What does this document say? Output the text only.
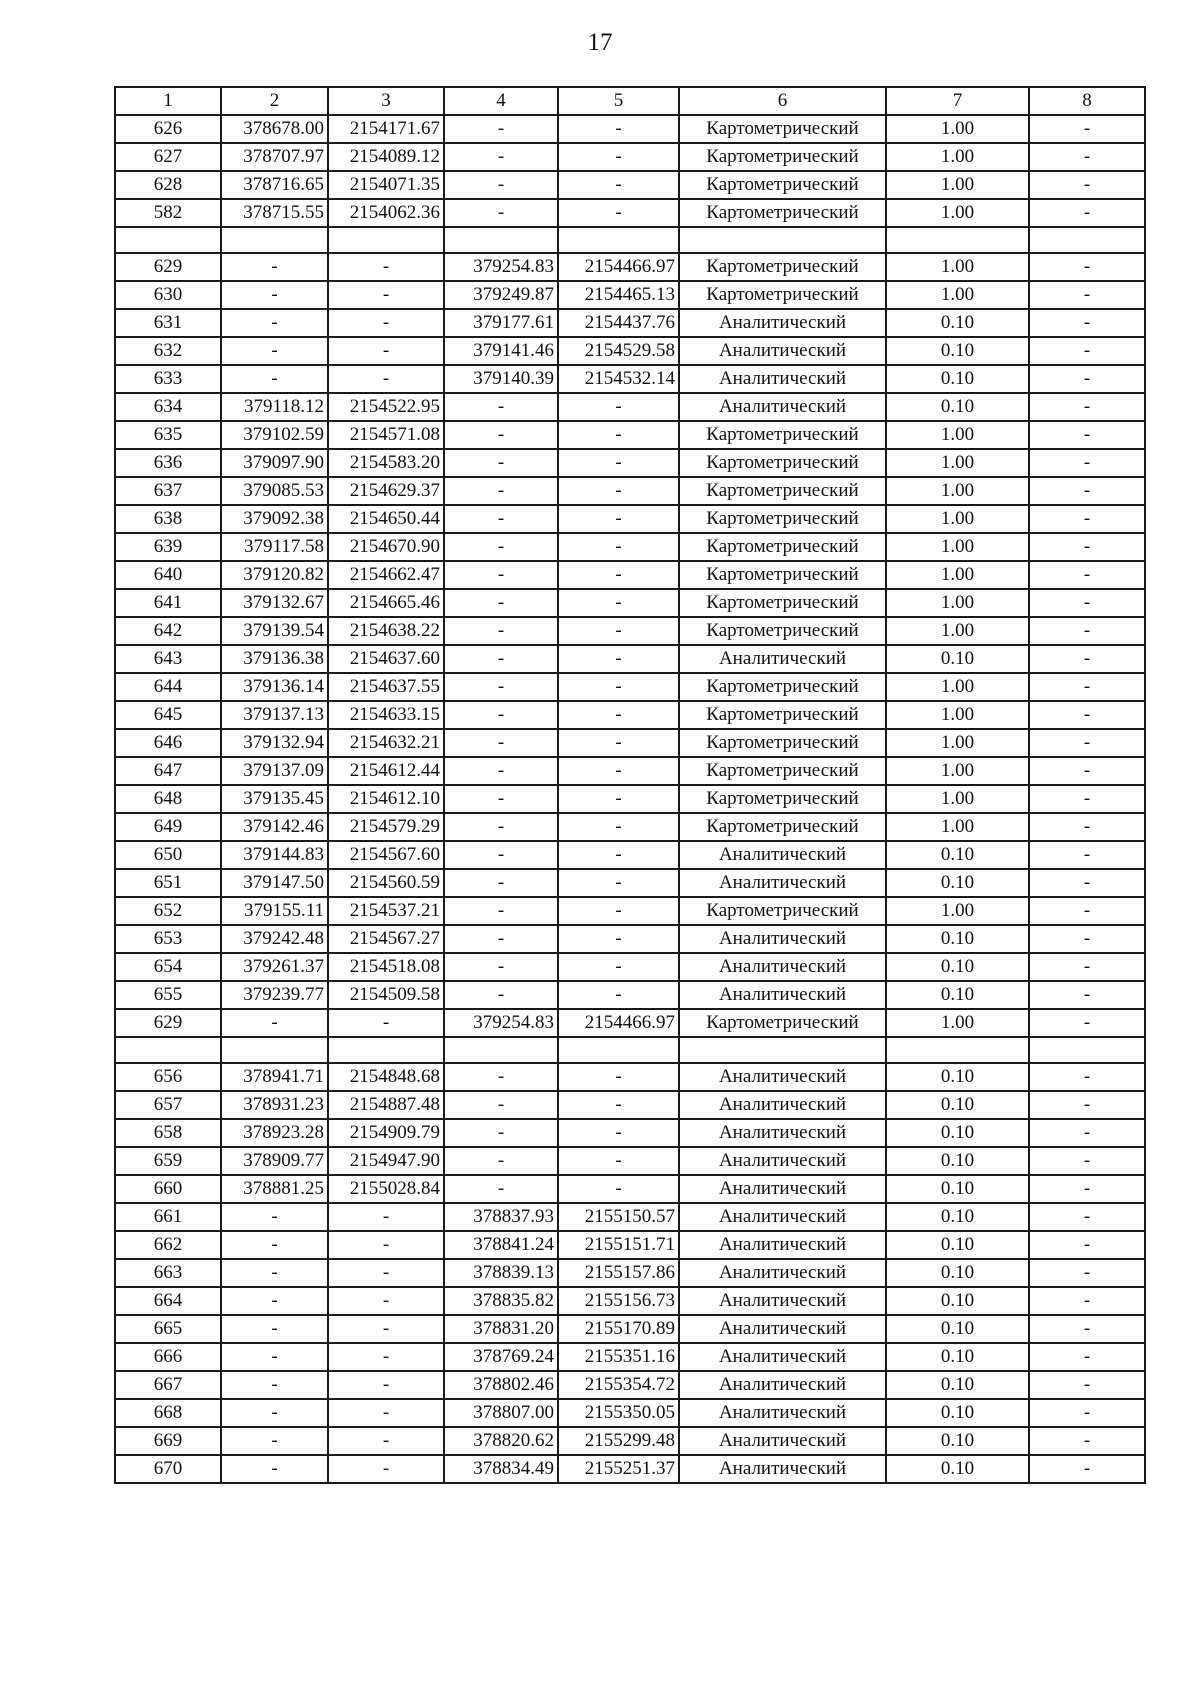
17
1	2	3	4	5	6	7	8
626	378678.00	2154171.67	-	-	Картометрический	1.00	-
627	378707.97	2154089.12	-	-	Картометрический	1.00	-
628	378716.65	2154071.35	-	-	Картометрический	1.00	-
582	378715.55	2154062.36	-	-	Картометрический	1.00	-

629	-	-	379254.83	2154466.97	Картометрический	1.00	-
630	-	-	379249.87	2154465.13	Картометрический	1.00	-
631	-	-	379177.61	2154437.76	Аналитический	0.10	-
632	-	-	379141.46	2154529.58	Аналитический	0.10	-
633	-	-	379140.39	2154532.14	Аналитический	0.10	-
634	379118.12	2154522.95	-	-	Аналитический	0.10	-
635	379102.59	2154571.08	-	-	Картометрический	1.00	-
636	379097.90	2154583.20	-	-	Картометрический	1.00	-
637	379085.53	2154629.37	-	-	Картометрический	1.00	-
638	379092.38	2154650.44	-	-	Картометрический	1.00	-
639	379117.58	2154670.90	-	-	Картометрический	1.00	-
640	379120.82	2154662.47	-	-	Картометрический	1.00	-
641	379132.67	2154665.46	-	-	Картометрический	1.00	-
642	379139.54	2154638.22	-	-	Картометрический	1.00	-
643	379136.38	2154637.60	-	-	Аналитический	0.10	-
644	379136.14	2154637.55	-	-	Картометрический	1.00	-
645	379137.13	2154633.15	-	-	Картометрический	1.00	-
646	379132.94	2154632.21	-	-	Картометрический	1.00	-
647	379137.09	2154612.44	-	-	Картометрический	1.00	-
648	379135.45	2154612.10	-	-	Картометрический	1.00	-
649	379142.46	2154579.29	-	-	Картометрический	1.00	-
650	379144.83	2154567.60	-	-	Аналитический	0.10	-
651	379147.50	2154560.59	-	-	Аналитический	0.10	-
652	379155.11	2154537.21	-	-	Картометрический	1.00	-
653	379242.48	2154567.27	-	-	Аналитический	0.10	-
654	379261.37	2154518.08	-	-	Аналитический	0.10	-
655	379239.77	2154509.58	-	-	Аналитический	0.10	-
629	-	-	379254.83	2154466.97	Картометрический	1.00	-

656	378941.71	2154848.68	-	-	Аналитический	0.10	-
657	378931.23	2154887.48	-	-	Аналитический	0.10	-
658	378923.28	2154909.79	-	-	Аналитический	0.10	-
659	378909.77	2154947.90	-	-	Аналитический	0.10	-
660	378881.25	2155028.84	-	-	Аналитический	0.10	-
661	-	-	378837.93	2155150.57	Аналитический	0.10	-
662	-	-	378841.24	2155151.71	Аналитический	0.10	-
663	-	-	378839.13	2155157.86	Аналитический	0.10	-
664	-	-	378835.82	2155156.73	Аналитический	0.10	-
665	-	-	378831.20	2155170.89	Аналитический	0.10	-
666	-	-	378769.24	2155351.16	Аналитический	0.10	-
667	-	-	378802.46	2155354.72	Аналитический	0.10	-
668	-	-	378807.00	2155350.05	Аналитический	0.10	-
669	-	-	378820.62	2155299.48	Аналитический	0.10	-
670	-	-	378834.49	2155251.37	Аналитический	0.10	-
